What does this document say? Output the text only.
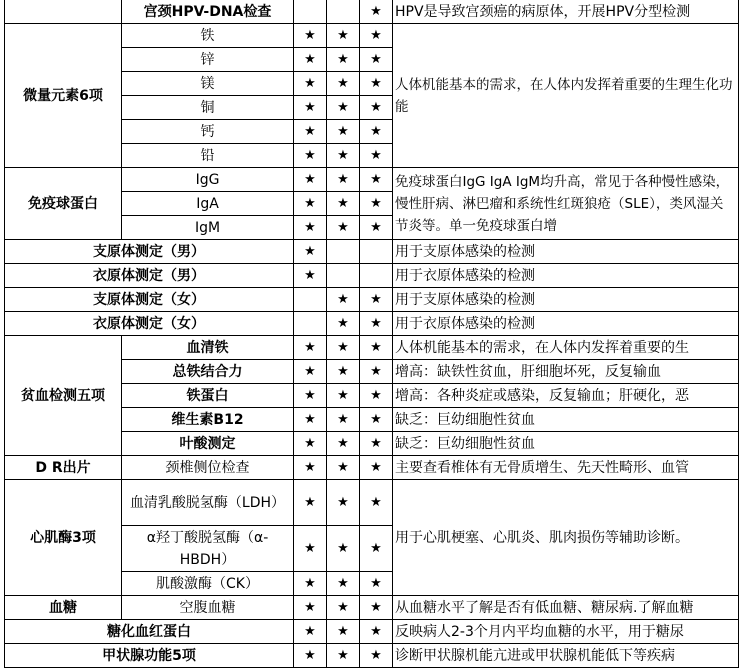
	宫颈HPV-DNA检查			★	HPV是导致宫颈癌的病原体，开展HPV分型检测
微量元素6项	铁	★	★	★	人体机能基本的需求，在人体内发挥着重要的生理生化功能
	锌	★	★	★	
	镁	★	★	★	
	铜	★	★	★	
	钙	★	★	★	
	铅	★	★	★	
免疫球蛋白	IgG	★	★	★	免疫球蛋白IgG IgA IgM均升高，常见于各种慢性感染，慢性肝病、淋巴瘤和系统性红斑狼疮（SLE），类风湿关节炎等。单一免疫球蛋白增

	IgA	★	★	★	
	IgM	★	★	★	
支原体测定（男）		★			用于支原体感染的检测
衣原体测定（男）		★			用于衣原体感染的检测
支原体测定（女）			★	★	用于支原体感染的检测
衣原体测定（女）			★	★	用于衣原体感染的检测
贫血检测五项	血清铁	★	★	★	人体机能基本的需求，在人体内发挥着重要的生
	总铁结合力	★	★	★	增高：缺铁性贫血，肝细胞坏死，反复输血
	铁蛋白	★	★	★	增高：各种炎症或感染，反复输血；肝硬化，恶
	维生素B12	★	★	★	缺乏：巨幼细胞性贫血
	叶酸测定	★	★	★	缺乏：巨幼细胞性贫血
D R出片	颈椎侧位检查	★	★	★	主要查看椎体有无骨质增生、先天性畸形、血管
心肌酶3项	血清乳酸脱氢酶（LDH）	★	★	★	用于心肌梗塞、心肌炎、肌肉损伤等辅助诊断。
	α羟丁酸脱氢酶（α-HBDH）	★	★	★	
	肌酸激酶（CK）	★	★	★	
血糖	空腹血糖	★	★	★	从血糖水平了解是否有低血糖、糖尿病.了解血糖
糖化血红蛋白		★	★	★	反映病人2-3个月内平均血糖的水平，用于糖尿
甲状腺功能5项		★	★	★	诊断甲状腺机能亢进或甲状腺机能低下等疾病
